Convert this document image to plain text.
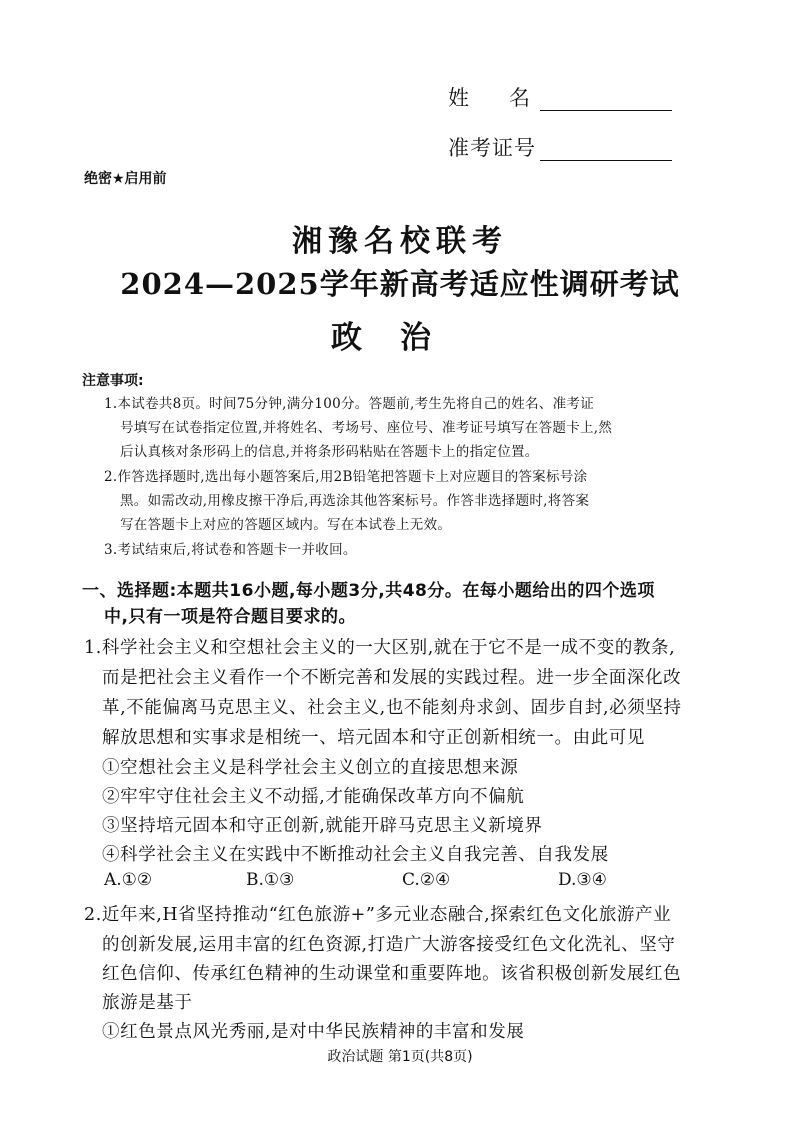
姓 名
准考证号
绝密★启用前
湘豫名校联考
2024—2025学年新高考适应性调研考试
政治
注意事项:
1.本试卷共8页。时间75分钟,满分100分。答题前,考生先将自己的姓名、准考证
号填写在试卷指定位置,并将姓名、考场号、座位号、准考证号填写在答题卡上,然
后认真核对条形码上的信息,并将条形码粘贴在答题卡上的指定位置。
2.作答选择题时,选出每小题答案后,用2B铅笔把答题卡上对应题目的答案标号涂
黑。如需改动,用橡皮擦干净后,再选涂其他答案标号。作答非选择题时,将答案
写在答题卡上对应的答题区域内。写在本试卷上无效。
3.考试结束后,将试卷和答题卡一并收回。
一、选择题:本题共16小题,每小题3分,共48分。在每小题给出的四个选项
中,只有一项是符合题目要求的。
1.科学社会主义和空想社会主义的一大区别,就在于它不是一成不变的教条,
而是把社会主义看作一个不断完善和发展的实践过程。进一步全面深化改
革,不能偏离马克思主义、社会主义,也不能刻舟求剑、固步自封,必须坚持
解放思想和实事求是相统一、培元固本和守正创新相统一。由此可见
①空想社会主义是科学社会主义创立的直接思想来源
②牢牢守住社会主义不动摇,才能确保改革方向不偏航
③坚持培元固本和守正创新,就能开辟马克思主义新境界
④科学社会主义在实践中不断推动社会主义自我完善、自我发展
A.①②	B.①③	C.②④	D.③④
2.近年来,H省坚持推动“红色旅游+”多元业态融合,探索红色文化旅游产业
的创新发展,运用丰富的红色资源,打造广大游客接受红色文化洗礼、坚守
红色信仰、传承红色精神的生动课堂和重要阵地。该省积极创新发展红色
旅游是基于
①红色景点风光秀丽,是对中华民族精神的丰富和发展
政治试题 第1页(共8页)
